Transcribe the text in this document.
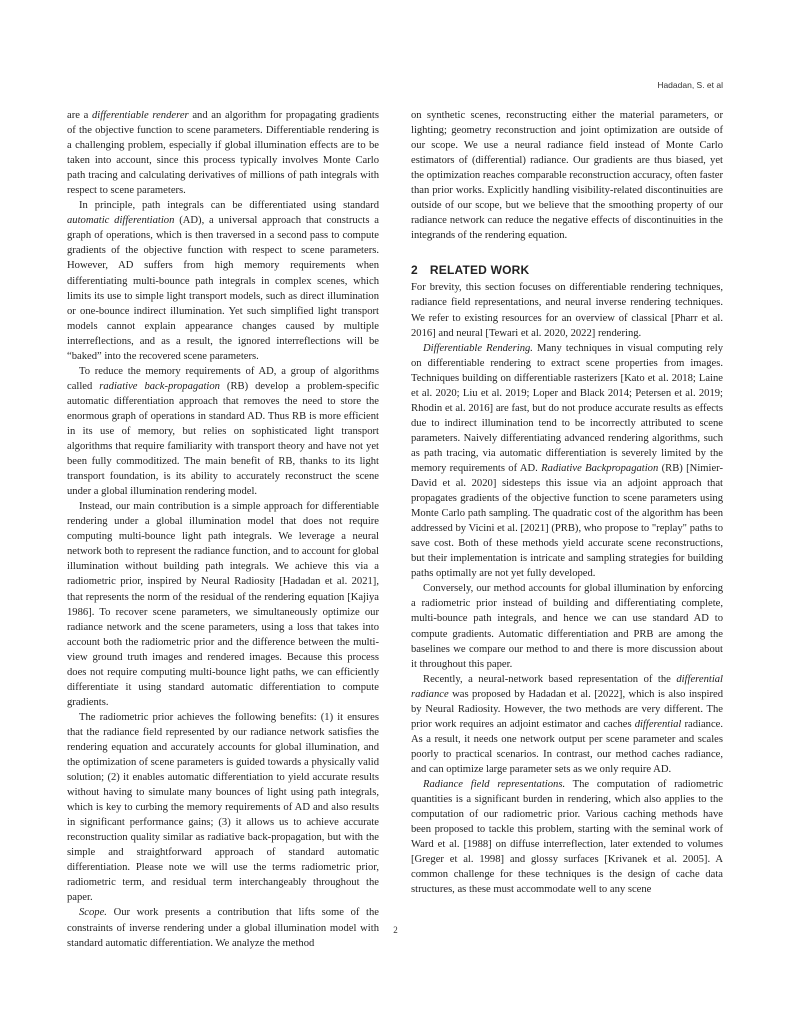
Hadadan, S. et al

are a differentiable renderer and an algorithm for propagating gradients of the objective function to scene parameters. Differentiable rendering is a challenging problem, especially if global illumination effects are to be taken into account, since this process typically involves Monte Carlo path tracing and calculating derivatives of millions of path integrals with respect to scene parameters.

In principle, path integrals can be differentiated using standard automatic differentiation (AD), a universal approach that constructs a graph of operations, which is then traversed in a second pass to compute gradients of the objective function with respect to scene parameters. However, AD suffers from high memory requirements when differentiating multi-bounce path integrals in complex scenes, which limits its use to simple light transport models, such as direct illumination or one-bounce indirect illumination. Yet such simplified light transport models cannot explain appearance changes caused by multiple interreflections, and as a result, the ignored interreflections will be “baked” into the recovered scene parameters.

To reduce the memory requirements of AD, a group of algorithms called radiative back-propagation (RB) develop a problem-specific automatic differentiation approach that removes the need to store the enormous graph of operations in standard AD. Thus RB is more efficient in its use of memory, but relies on sophisticated light transport algorithms that require familiarity with transport theory and have not yet been fully commoditized. The main benefit of RB, thanks to its light transport foundation, is its ability to accurately reconstruct the scene under a global illumination rendering model.

Instead, our main contribution is a simple approach for differentiable rendering under a global illumination model that does not require computing multi-bounce light path integrals. We leverage a neural network both to represent the radiance function, and to account for global illumination without building path integrals. We achieve this via a radiometric prior, inspired by Neural Radiosity [Hadadan et al. 2021], that represents the norm of the residual of the rendering equation [Kajiya 1986]. To recover scene parameters, we simultaneously optimize our radiance network and the scene parameters, using a loss that takes into account both the radiometric prior and the difference between the multi-view ground truth images and rendered images. Because this process does not require computing multi-bounce light paths, we can efficiently differentiate it using standard automatic differentiation to compute gradients.

The radiometric prior achieves the following benefits: (1) it ensures that the radiance field represented by our radiance network satisfies the rendering equation and accurately accounts for global illumination, and the optimization of scene parameters is guided towards a physically valid solution; (2) it enables automatic differentiation to yield accurate results without having to simulate many bounces of light using path integrals, which is key to curbing the memory requirements of AD and also results in significant performance gains; (3) it allows us to achieve accurate reconstruction quality similar as radiative back-propagation, but with the simple and straightforward approach of standard automatic differentiation. Please note we will use the terms radiometric prior, radiometric term, and residual term interchangeably throughout the paper.

Scope. Our work presents a contribution that lifts some of the constraints of inverse rendering under a global illumination model with standard automatic differentiation. We analyze the method

on synthetic scenes, reconstructing either the material parameters, or lighting; geometry reconstruction and joint optimization are outside of our scope. We use a neural radiance field instead of Monte Carlo estimators of (differential) radiance. Our gradients are thus biased, yet the optimization reaches comparable reconstruction accuracy, often faster than prior works. Explicitly handling visibility-related discontinuities are outside of our scope, but we believe that the smoothing property of our radiance network can reduce the negative effects of discontinuities in the integrands of the rendering equation.

2 RELATED WORK

For brevity, this section focuses on differentiable rendering techniques, radiance field representations, and neural inverse rendering techniques. We refer to existing resources for an overview of classical [Pharr et al. 2016] and neural [Tewari et al. 2020, 2022] rendering.

Differentiable Rendering. Many techniques in visual computing rely on differentiable rendering to extract scene properties from images. Techniques building on differentiable rasterizers [Kato et al. 2018; Laine et al. 2020; Liu et al. 2019; Loper and Black 2014; Petersen et al. 2019; Rhodin et al. 2016] are fast, but do not produce accurate results as effects due to indirect illumination tend to be incorrectly attributed to scene parameters. Naively differentiating advanced rendering algorithms, such as path tracing, via automatic differentiation is severely limited by the memory requirements of AD. Radiative Backpropagation (RB) [Nimier-David et al. 2020] sidesteps this issue via an adjoint approach that propagates gradients of the objective function to scene parameters using Monte Carlo path sampling. The quadratic cost of the algorithm has been addressed by Vicini et al. [2021] (PRB), who propose to "replay" paths to save cost. Both of these methods yield accurate scene reconstructions, but their implementation is intricate and sampling strategies for building paths optimally are not yet fully developed.

Conversely, our method accounts for global illumination by enforcing a radiometric prior instead of building and differentiating complete, multi-bounce path integrals, and hence we can use standard AD to compute gradients. Automatic differentiation and PRB are among the baselines we compare our method to and there is more discussion about it throughout this paper.

Recently, a neural-network based representation of the differential radiance was proposed by Hadadan et al. [2022], which is also inspired by Neural Radiosity. However, the two methods are very different. The prior work requires an adjoint estimator and caches differential radiance. As a result, it needs one network output per scene parameter and scales poorly to practical scenarios. In contrast, our method caches radiance, and can optimize large parameter sets as we only require AD.

Radiance field representations. The computation of radiometric quantities is a significant burden in rendering, which also applies to the computation of our radiometric prior. Various caching methods have been proposed to tackle this problem, starting with the seminal work of Ward et al. [1988] on diffuse interreflection, later extended to volumes [Greger et al. 1998] and glossy surfaces [Krivanek et al. 2005]. A common challenge for these techniques is the design of cache data structures, as these must accommodate well to any scene

2
